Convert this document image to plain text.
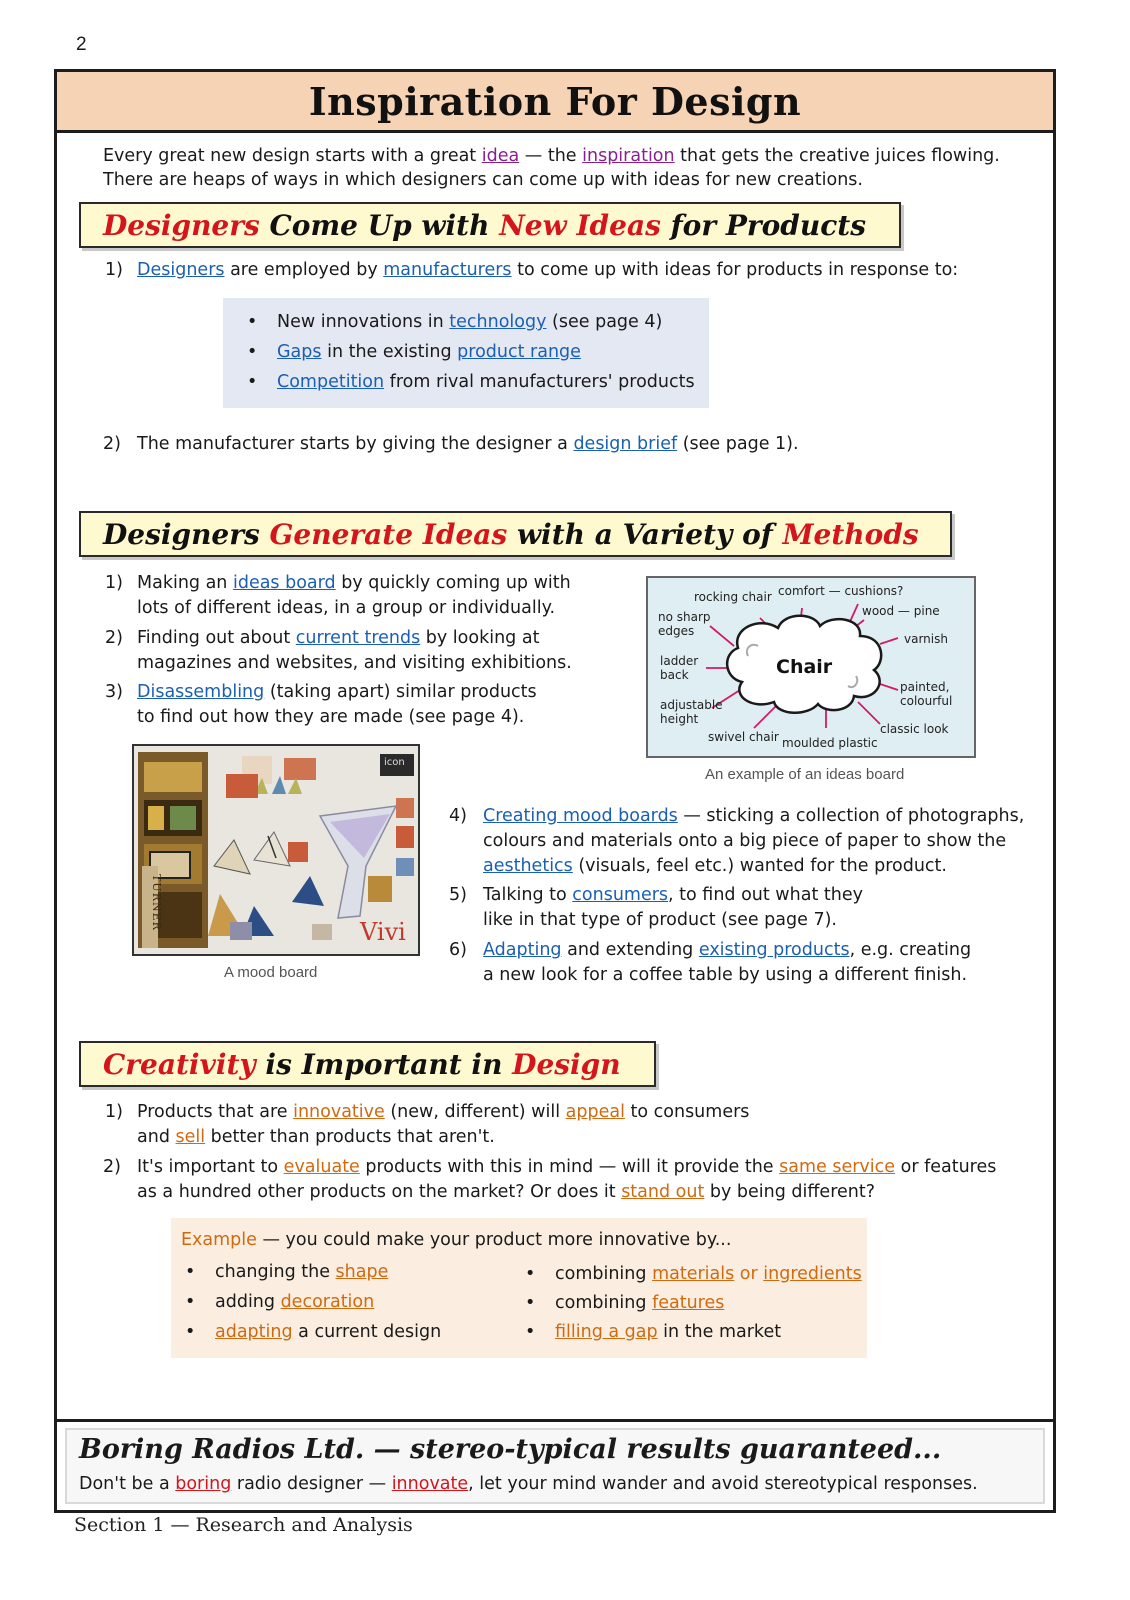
2
Inspiration For Design
Every great new design starts with a great idea — the inspiration that gets the creative juices flowing.
There are heaps of ways in which designers can come up with ideas for new creations.
Designers Come Up with New Ideas for Products
1) Designers are employed by manufacturers to come up with ideas for products in response to:
• New innovations in technology (see page 4)
• Gaps in the existing product range
• Competition from rival manufacturers' products
2) The manufacturer starts by giving the designer a design brief (see page 1).
Designers Generate Ideas with a Variety of Methods
1) Making an ideas board by quickly coming up with
lots of different ideas, in a group or individually.
2) Finding out about current trends by looking at
magazines and websites, and visiting exhibitions.
3) Disassembling (taking apart) similar products
to find out how they are made (see page 4).
Chair
rocking chair comfort — cushions?
no sharp edges
wood — pine
varnish
ladder back
painted, colourful
adjustable height
swivel chair moulded plastic
classic look
An example of an ideas board
Vivi
TURNER
icon
A mood board
4) Creating mood boards — sticking a collection of photographs,
colours and materials onto a big piece of paper to show the
aesthetics (visuals, feel etc.) wanted for the product.
5) Talking to consumers, to find out what they
like in that type of product (see page 7).
6) Adapting and extending existing products, e.g. creating
a new look for a coffee table by using a different finish.
Creativity is Important in Design
1) Products that are innovative (new, different) will appeal to consumers
and sell better than products that aren't.
2) It's important to evaluate products with this in mind — will it provide the same service or features
as a hundred other products on the market? Or does it stand out by being different?
Example — you could make your product more innovative by...
• changing the shape
• adding decoration
• adapting a current design
• combining materials or ingredients
• combining features
• filling a gap in the market
Boring Radios Ltd. — stereo-typical results guaranteed...
Don't be a boring radio designer — innovate, let your mind wander and avoid stereotypical responses.
Section 1 — Research and Analysis
